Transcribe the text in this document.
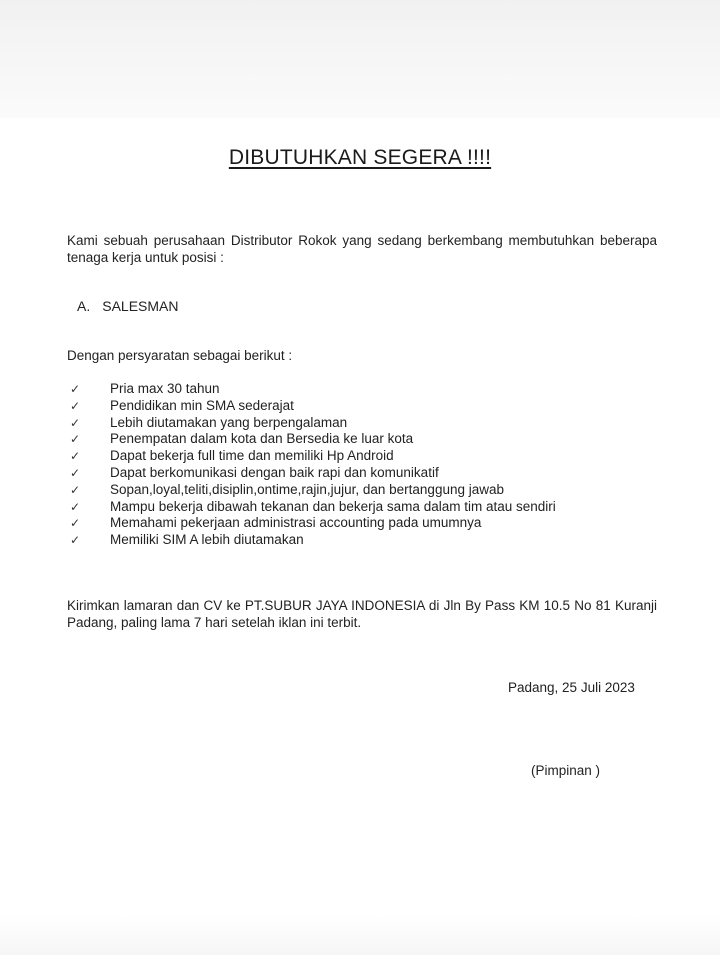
DIBUTUHKAN SEGERA !!!!

Kami sebuah perusahaan Distributor Rokok yang sedang berkembang membutuhkan beberapa tenaga kerja untuk posisi :

A. SALESMAN

Dengan persyaratan sebagai berikut :

✓	Pria max 30 tahun
✓	Pendidikan min SMA sederajat
✓	Lebih diutamakan yang berpengalaman
✓	Penempatan dalam kota dan Bersedia ke luar kota
✓	Dapat bekerja full time dan memiliki Hp Android
✓	Dapat berkomunikasi dengan baik rapi dan komunikatif
✓	Sopan,loyal,teliti,disiplin,ontime,rajin,jujur, dan bertanggung jawab
✓	Mampu bekerja dibawah tekanan dan bekerja sama dalam tim atau sendiri
✓	Memahami pekerjaan administrasi accounting pada umumnya
✓	Memiliki SIM A lebih diutamakan

Kirimkan lamaran dan CV ke PT.SUBUR JAYA INDONESIA di Jln By Pass KM 10.5 No 81 Kuranji Padang, paling lama 7 hari setelah iklan ini terbit.

Padang, 25 Juli 2023

(Pimpinan )
